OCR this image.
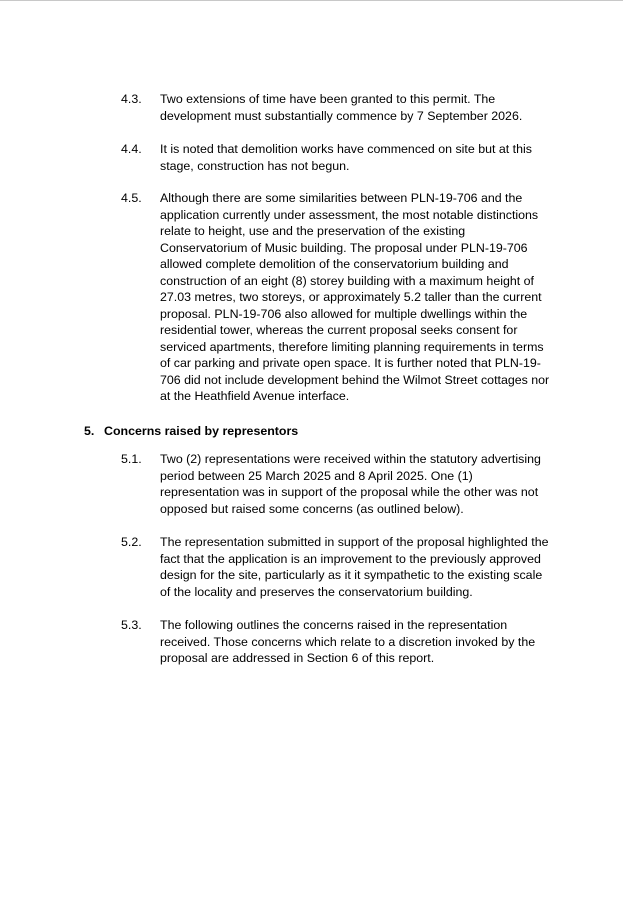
4.3.	Two extensions of time have been granted to this permit. The
development must substantially commence by 7 September 2026.
4.4.	It is noted that demolition works have commenced on site but at this
stage, construction has not begun.
4.5.	Although there are some similarities between PLN-19-706 and the
application currently under assessment, the most notable distinctions
relate to height, use and the preservation of the existing
Conservatorium of Music building. The proposal under PLN-19-706
allowed complete demolition of the conservatorium building and
construction of an eight (8) storey building with a maximum height of
27.03 metres, two storeys, or approximately 5.2 taller than the current
proposal. PLN-19-706 also allowed for multiple dwellings within the
residential tower, whereas the current proposal seeks consent for
serviced apartments, therefore limiting planning requirements in terms
of car parking and private open space. It is further noted that PLN-19-
706 did not include development behind the Wilmot Street cottages nor
at the Heathfield Avenue interface.
5. Concerns raised by representors
5.1.	Two (2) representations were received within the statutory advertising
period between 25 March 2025 and 8 April 2025. One (1)
representation was in support of the proposal while the other was not
opposed but raised some concerns (as outlined below).
5.2.	The representation submitted in support of the proposal highlighted the
fact that the application is an improvement to the previously approved
design for the site, particularly as it it sympathetic to the existing scale
of the locality and preserves the conservatorium building.
5.3.	The following outlines the concerns raised in the representation
received. Those concerns which relate to a discretion invoked by the
proposal are addressed in Section 6 of this report.
